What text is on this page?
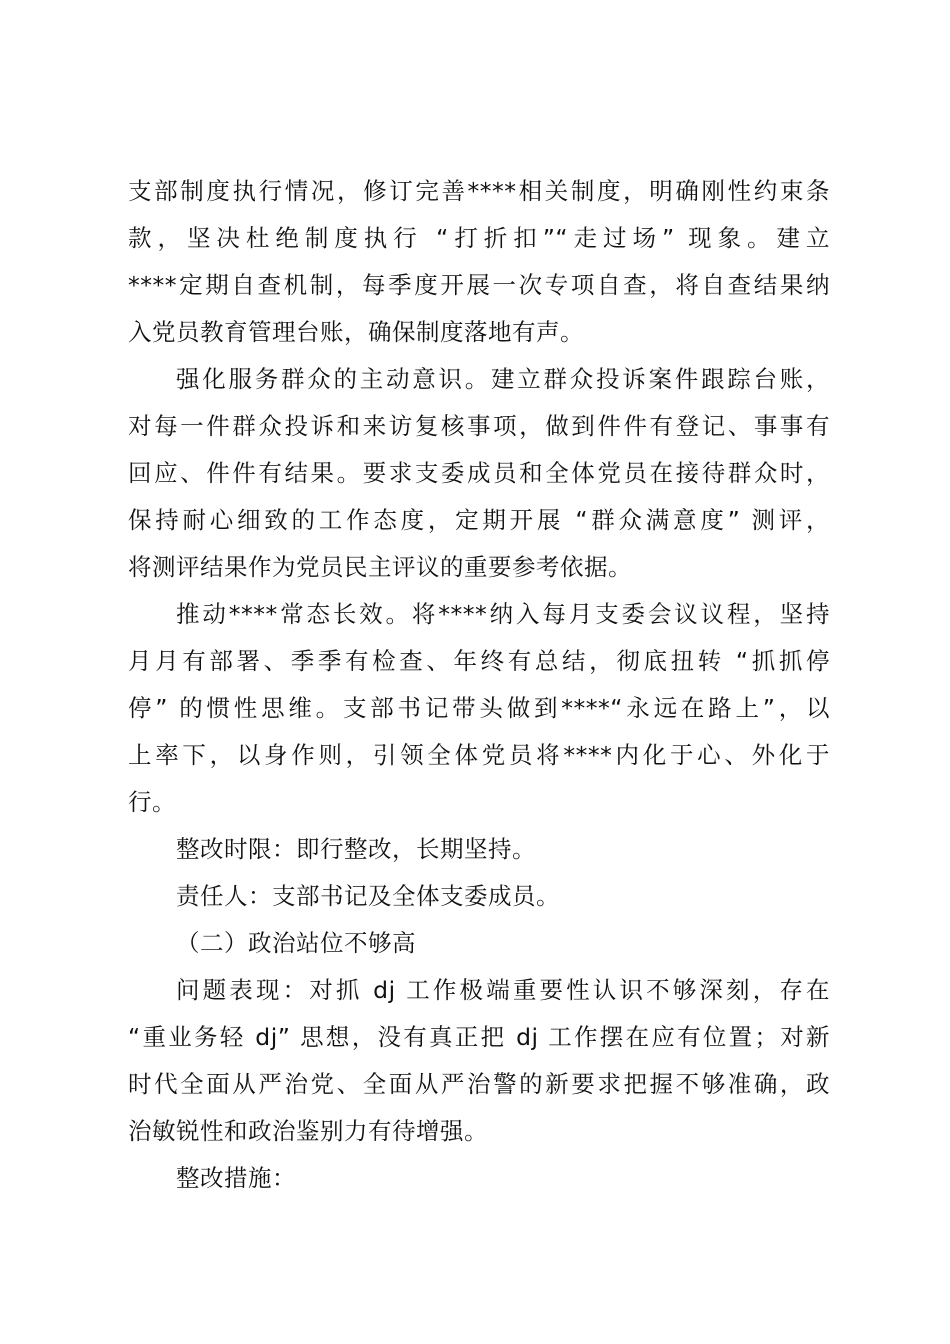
支部制度执行情况，修订完善****相关制度，明确刚性约束条
款，坚决杜绝制度执行 “打折扣”“走过场” 现象。建立
****定期自查机制，每季度开展一次专项自查，将自查结果纳
入党员教育管理台账，确保制度落地有声。
强化服务群众的主动意识。建立群众投诉案件跟踪台账，
对每一件群众投诉和来访复核事项，做到件件有登记、事事有
回应、件件有结果。要求支委成员和全体党员在接待群众时，
保持耐心细致的工作态度，定期开展 “群众满意度” 测评，
将测评结果作为党员民主评议的重要参考依据。
推动****常态长效。将****纳入每月支委会议议程，坚持
月月有部署、季季有检查、年终有总结，彻底扭转 “抓抓停
停” 的惯性思维。支部书记带头做到****“永远在路上”，以
上率下，以身作则，引领全体党员将****内化于心、外化于
行。
整改时限：即行整改，长期坚持。
责任人：支部书记及全体支委成员。
（二）政治站位不够高
问题表现：对抓 dj 工作极端重要性认识不够深刻，存在
“重业务轻 dj” 思想，没有真正把 dj 工作摆在应有位置；对新
时代全面从严治党、全面从严治警的新要求把握不够准确，政
治敏锐性和政治鉴别力有待增强。
整改措施：
